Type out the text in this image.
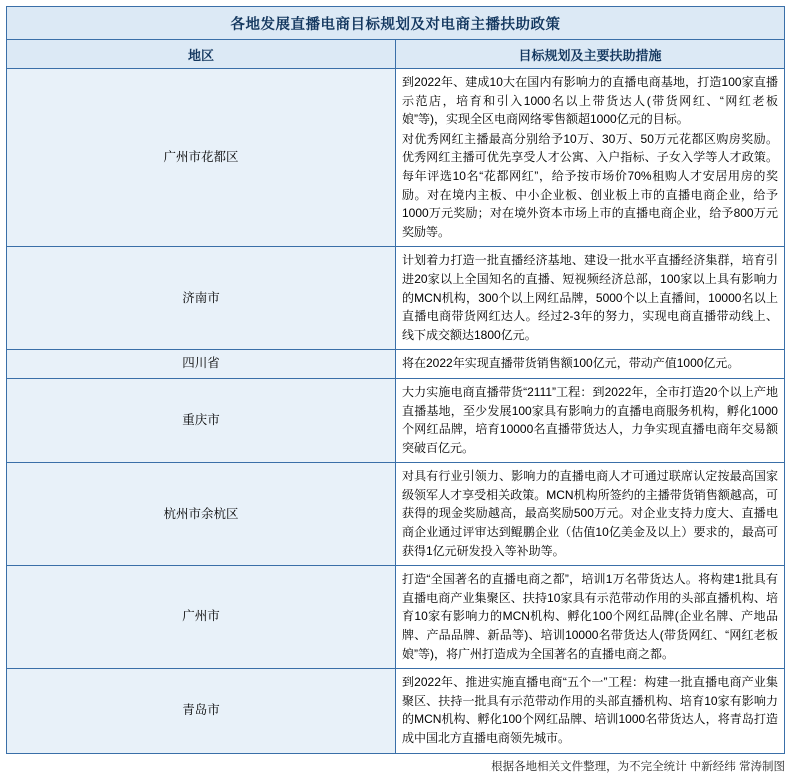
各地发展直播电商目标规划及对电商主播扶助政策	
地区	目标规划及主要扶助措施
广州市花都区	到2022年、建成10大在国内有影响力的直播电商基地，打造100家直播示范店，培育和引入1000名以上带货达人(带货网红、“网红老板娘”等)，实现全区电商网络零售额超1000亿元的目标。

对优秀网红主播最高分别给予10万、30万、50万元花都区购房奖励。优秀网红主播可优先享受人才公寓、入户指标、子女入学等人才政策。每年评选10名“花都网红”，给予按市场价70%租购人才安居用房的奖励。对在境内主板、中小企业板、创业板上市的直播电商企业，给予1000万元奖励；对在境外资本市场上市的直播电商企业，给予800万元奖励等。

济南市	计划着力打造一批直播经济基地、建设一批水平直播经济集群，培育引进20家以上全国知名的直播、短视频经济总部，100家以上具有影响力的MCN机构，300个以上网红品牌，5000个以上直播间，10000名以上直播电商带货网红达人。经过2-3年的努力，实现电商直播带动线上、线下成交额达1800亿元。

四川省	将在2022年实现直播带货销售额100亿元，带动产值1000亿元。

重庆市	大力实施电商直播带货“2111”工程：到2022年，全市打造20个以上产地直播基地，至少发展100家具有影响力的直播电商服务机构，孵化1000个网红品牌，培育10000名直播带货达人，力争实现直播电商年交易额突破百亿元。

杭州市余杭区	对具有行业引领力、影响力的直播电商人才可通过联席认定按最高国家级领军人才享受相关政策。MCN机构所签约的主播带货销售额越高，可获得的现金奖励越高，最高奖励500万元。对企业支持力度大、直播电商企业通过评审达到鲲鹏企业（估值10亿美金及以上）要求的，最高可获得1亿元研发投入等补助等。

广州市	打造“全国著名的直播电商之都”，培训1万名带货达人。将构建1批具有直播电商产业集聚区、扶持10家具有示范带动作用的头部直播机构、培育10家有影响力的MCN机构、孵化100个网红品牌(企业名牌、产地品牌、产品品牌、新品等)、培训10000名带货达人(带货网红、“网红老板娘”等)，将广州打造成为全国著名的直播电商之都。

青岛市	到2022年、推进实施直播电商“五个一”工程：构建一批直播电商产业集聚区、扶持一批具有示范带动作用的头部直播机构、培育10家有影响力的MCN机构、孵化100个网红品牌、培训1000名带货达人，将青岛打造成中国北方直播电商领先城市。

根据各地相关文件整理，为不完全统计 中新经纬 常涛制图
